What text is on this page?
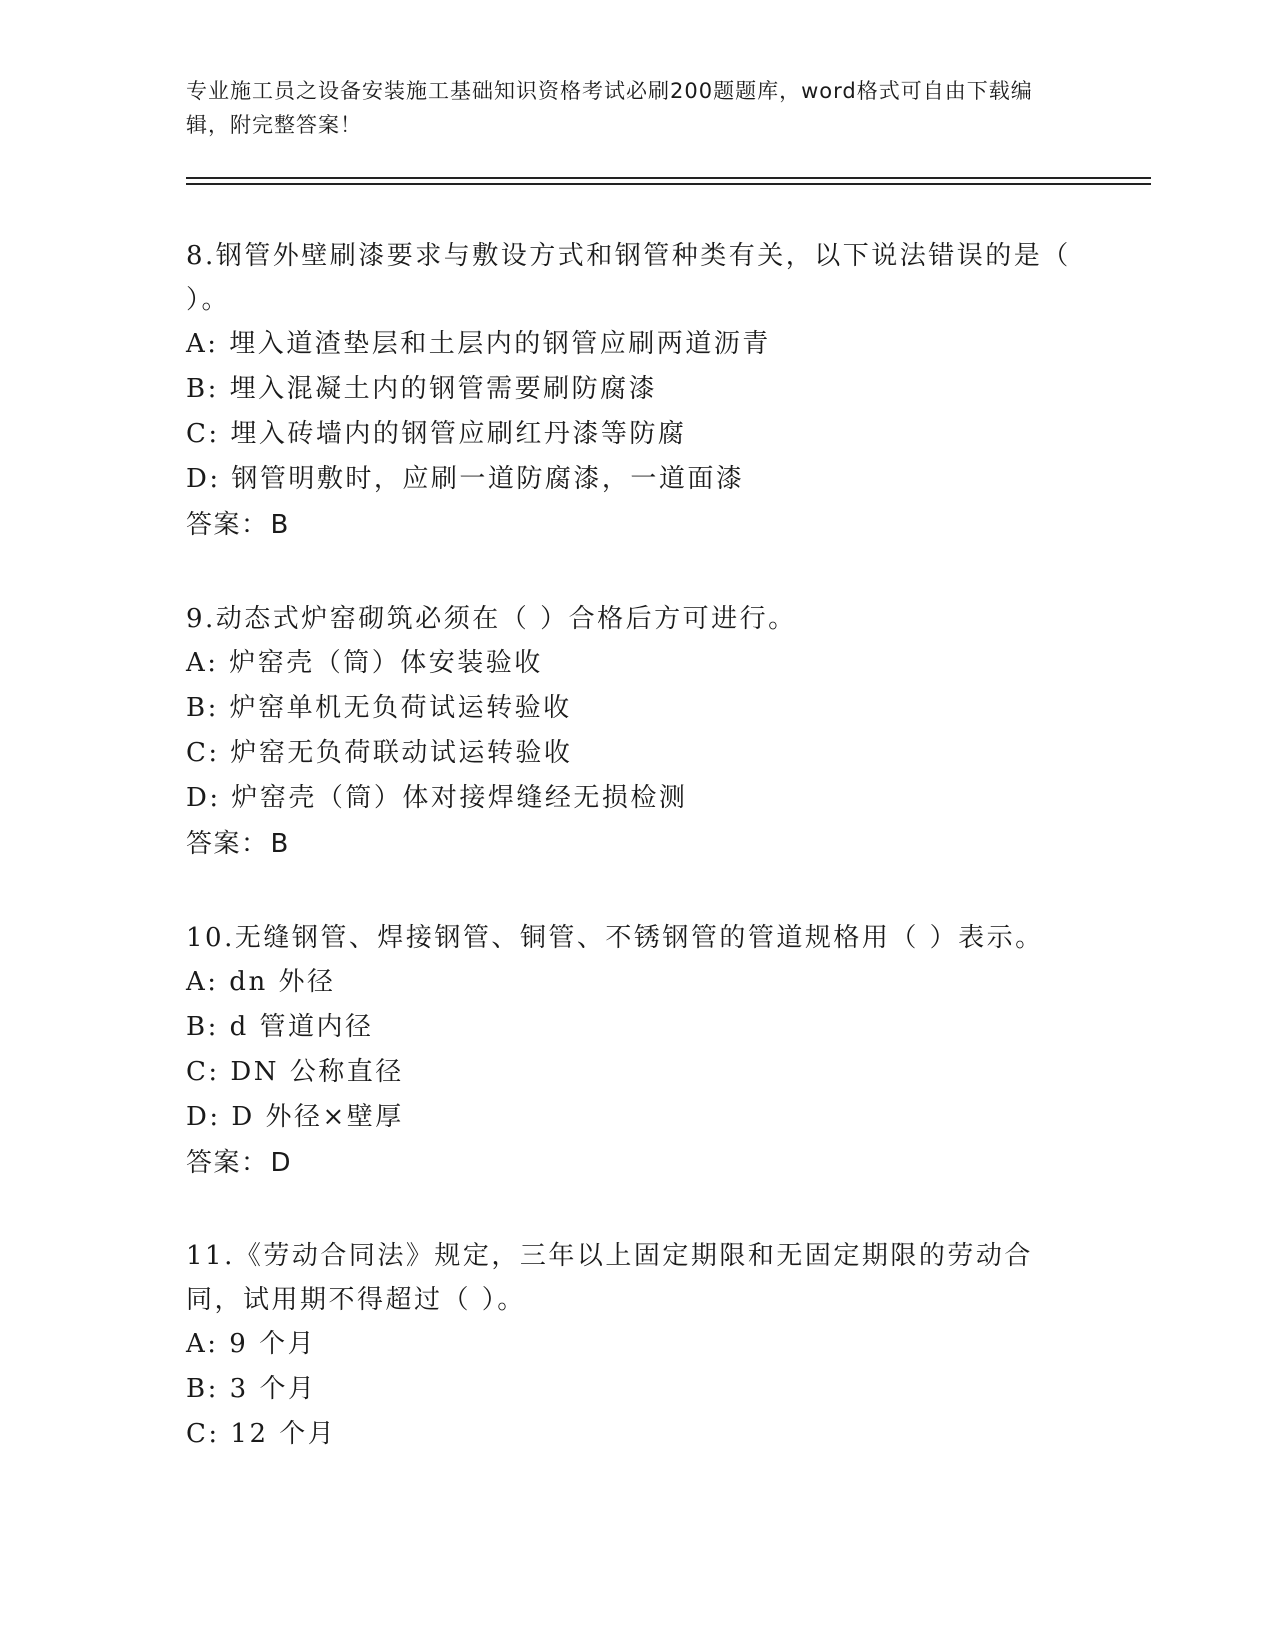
专业施工员之设备安装施工基础知识资格考试必刷200题题库，word格式可自由下载编辑，附完整答案！

8.钢管外壁刷漆要求与敷设方式和钢管种类有关，以下说法错误的是（ ）。

A: 埋入道渣垫层和土层内的钢管应刷两道沥青

B: 埋入混凝土内的钢管需要刷防腐漆

C: 埋入砖墙内的钢管应刷红丹漆等防腐

D: 钢管明敷时，应刷一道防腐漆，一道面漆

答案：B

9.动态式炉窑砌筑必须在（ ）合格后方可进行。

A: 炉窑壳（筒）体安装验收

B: 炉窑单机无负荷试运转验收

C: 炉窑无负荷联动试运转验收

D: 炉窑壳（筒）体对接焊缝经无损检测

答案：B

10.无缝钢管、焊接钢管、铜管、不锈钢管的管道规格用（ ）表示。

A: dn 外径

B: d 管道内径

C: DN 公称直径

D: D 外径×壁厚

答案：D

11.《劳动合同法》规定，三年以上固定期限和无固定期限的劳动合同，试用期不得超过（ ）。

A: 9 个月

B: 3 个月

C: 12 个月
